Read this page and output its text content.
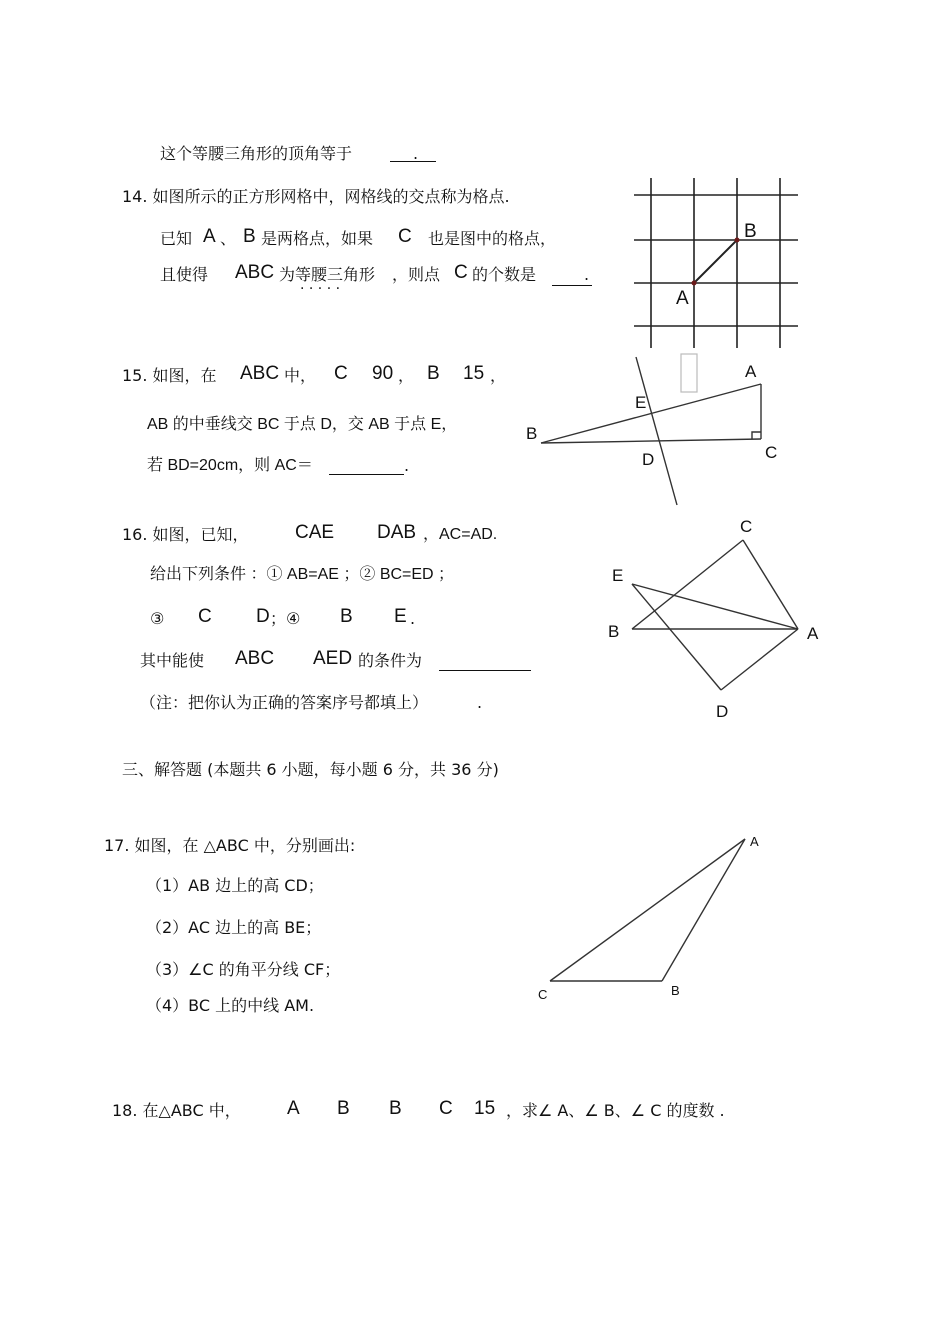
这个等腰三角形的顶角等于	.
14. 如图所示的正方形网格中，网格线的交点称为格点.
已知 A 、 B 是两格点，如果 C 也是图中的格点，
且使得 ABC 为等腰三角形
· · · · ·
，则点 C 的个数是	.
B
A
15. 如图，在 ABC 中， C 90 ， B 15 ，
AB 的中垂线交 BC 于点 D，交 AB 于点 E，
若 BD=20cm，则 AC＝	.
A
B
C
D
E
16. 如图，已知， CAE DAB ，AC=AD.
给出下列条件 ：① AB=AE ；② BC=ED ；
③ C D ；④ B E .
其中能使 ABC AED 的条件为
（注：把你认为正确的答案序号都填上）	.
C
E
B	A
D
三、解答题 (本题共 6 小题，每小题 6 分，共 36 分)
17. 如图，在 △ABC 中，分别画出:
（1）AB 边上的高 CD；
（2）AC 边上的高 BE；
（3）∠C 的角平分线 CF；
（4）BC 上的中线 AM.
A
B
C
18. 在△ABC 中， A B B C 15 ，求∠ A、∠ B、∠ C 的度数 .
